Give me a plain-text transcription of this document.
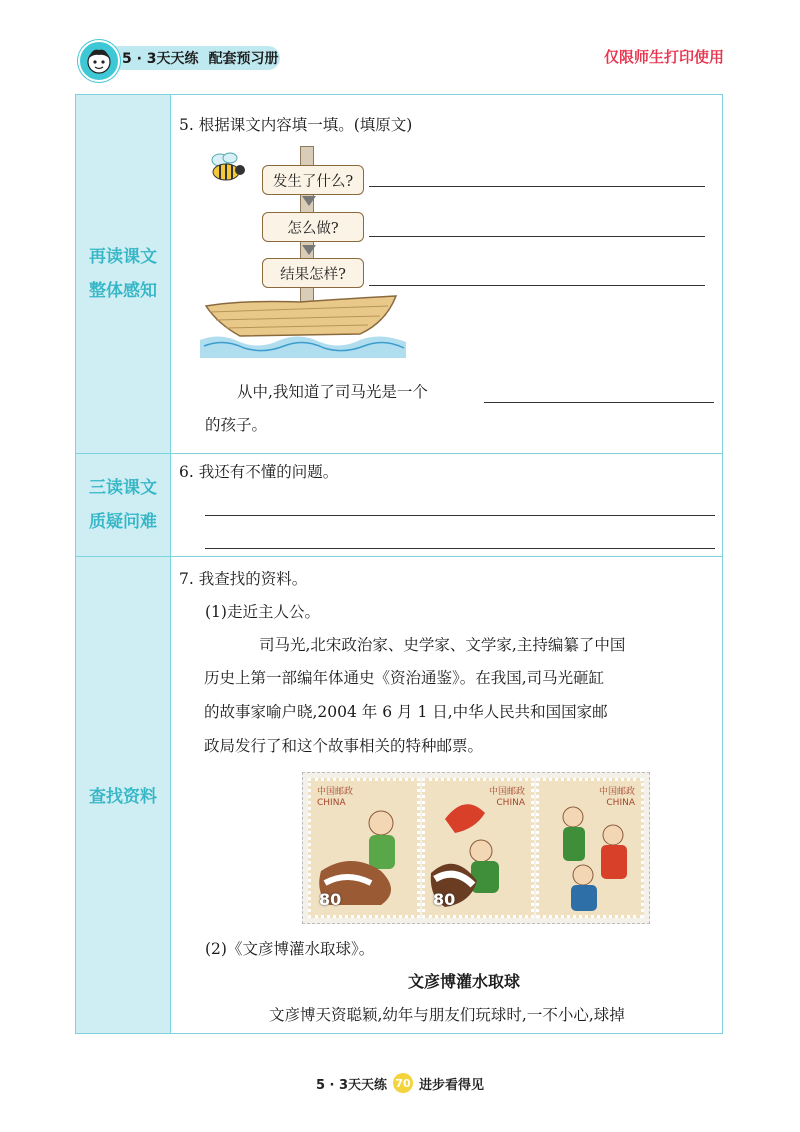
5 · 3天天练 配套预习册	仅限师生打印使用
再读课文
整体感知
三读课文
质疑问难
查找资料
5. 根据课文内容填一填。(填原文)
发生了什么?
怎么做?
结果怎样?
从中,我知道了司马光是一个
的孩子。
6. 我还有不懂的问题。
7. 我查找的资料。
(1)走近主人公。
司马光,北宋政治家、史学家、文学家,主持编纂了中国
历史上第一部编年体通史《资治通鉴》。在我国,司马光砸缸
的故事家喻户晓,2004 年 6 月 1 日,中华人民共和国国家邮
政局发行了和这个故事相关的特种邮票。
中国邮政
CHINA
80
中国邮政
CHINA
80
中国邮政
CHINA
(2)《文彦博灌水取球》。
文彦博灌水取球
文彦博天资聪颖,幼年与朋友们玩球时,一不小心,球掉
5 · 3天天练 70 进步看得见
